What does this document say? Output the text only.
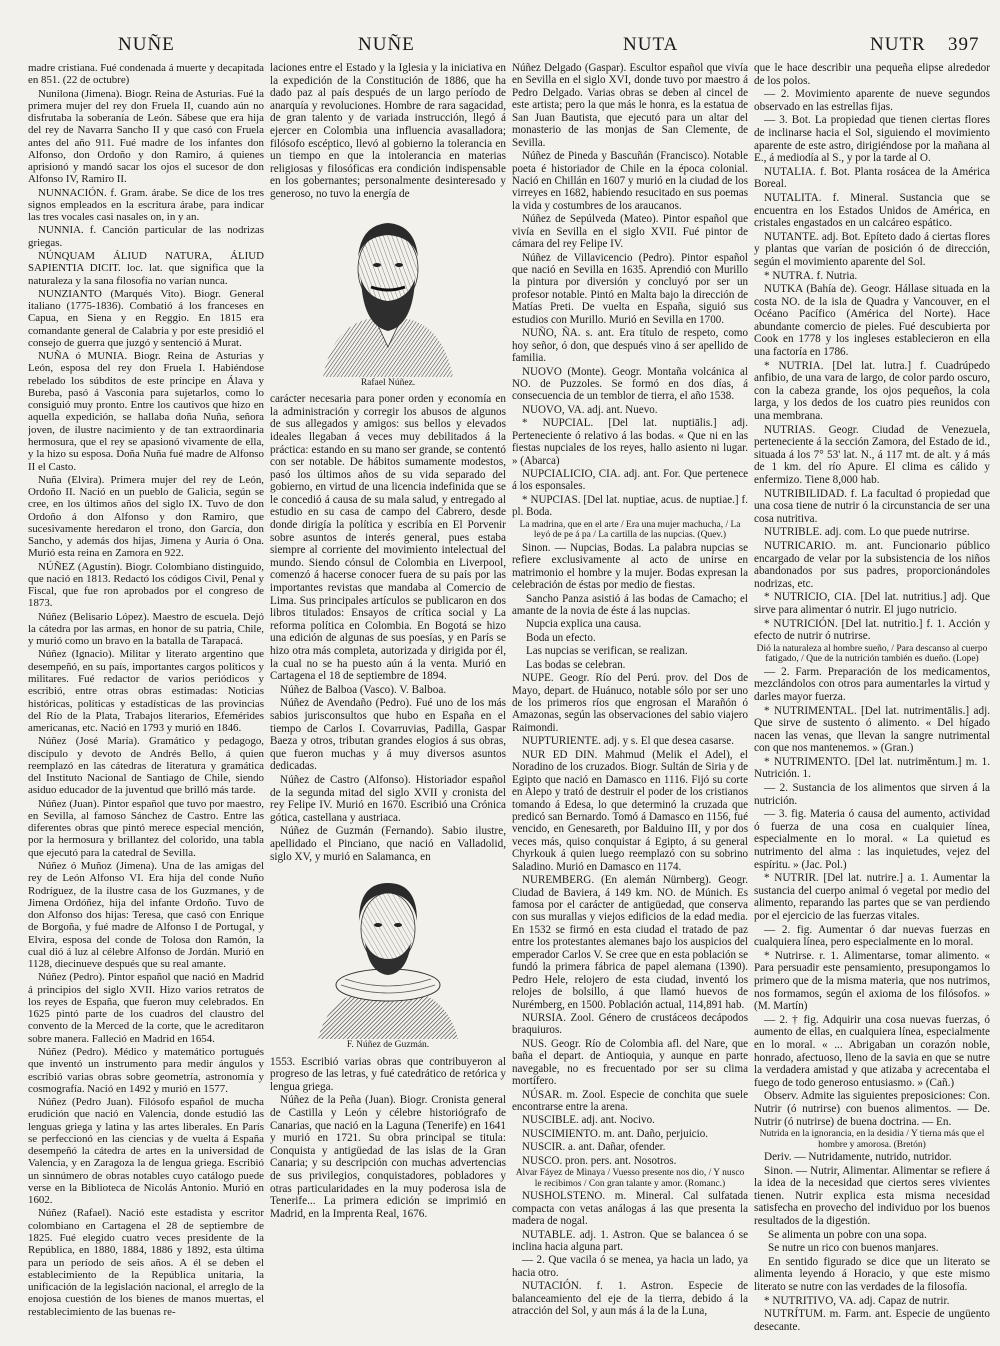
NUÑE	NUÑE	NUTA	NUTR 397

madre cristiana. Fué condenada á muerte y decapitada en 851. (22 de octubre)

Nunilona (Jimena). Biogr. Reina de Asturias. Fué la primera mujer del rey don Fruela II, cuando aún no disfrutaba la soberanía de León. Sábese que era hija del rey de Navarra Sancho II y que casó con Fruela antes del año 911. Fué madre de los infantes don Alfonso, don Ordoño y don Ramiro, á quienes aprisionó y mandó sacar los ojos el sucesor de don Alfonso IV, Ramiro II.

NUNNACIÓN. f. Gram. árabe. Se dice de los tres signos empleados en la escritura árabe, para indicar las tres vocales casi nasales on, in y an.

NUNNIA. f. Canción particular de las nodrizas griegas.

NÚNQUAM ÁLIUD NATURA, ÁLIUD SAPIENTIA DICIT. loc. lat. que significa que la naturaleza y la sana filosofía no varían nunca.

NUNZIANTO (Marqués Vito). Biogr. General italiano (1775-1836). Combatió á los franceses en Capua, en Siena y en Reggio. En 1815 era comandante general de Calabria y por este presidió el consejo de guerra que juzgó y sentenció á Murat.

NUÑA ó MUNIA. Biogr. Reina de Asturias y León, esposa del rey don Fruela I. Habiéndose rebelado los súbditos de este príncipe en Álava y Bureba, pasó á Vasconia para sujetarlos, como lo consiguió muy pronto. Entre los cautivos que hizo en aquella expedición, se hallaba doña Nuña, señora joven, de ilustre nacimiento y de tan extraordinaria hermosura, que el rey se apasionó vivamente de ella, y la hizo su esposa. Doña Nuña fué madre de Alfonso II el Casto.

Nuña (Elvira). Primera mujer del rey de León, Ordoño II. Nació en un pueblo de Galicia, según se cree, en los últimos años del siglo IX. Tuvo de don Ordoño á don Alfonso y don Ramiro, que sucesivamente heredaron el trono, don García, don Sancho, y además dos hijas, Jimena y Auria ó Ona. Murió esta reina en Zamora en 922.

NÚÑEZ (Agustín). Biogr. Colombiano distinguido, que nació en 1813. Redactó los códigos Civil, Penal y Fiscal, que fue ron aprobados por el congreso de 1873.

Núñez (Belisario López). Maestro de escuela. Dejó la cátedra por las armas, en honor de su patria, Chile, y murió como un bravo en la batalla de Tarapacá.

Núñez (Ignacio). Militar y literato argentino que desempeñó, en su país, importantes cargos políticos y militares. Fué redactor de varios periódicos y escribió, entre otras obras estimadas: Noticias históricas, políticas y estadísticas de las provincias del Río de la Plata, Trabajos literarios, Efemérides americanas, etc. Nació en 1793 y murió en 1846.

Núñez (José María). Gramático y pedagogo, discípulo y devoto de Andrés Bello, á quien reemplazó en las cátedras de literatura y gramática del Instituto Nacional de Santiago de Chile, siendo asiduo educador de la juventud que brilló más tarde.

Núñez (Juan). Pintor español que tuvo por maestro, en Sevilla, al famoso Sánchez de Castro. Entre las diferentes obras que pintó merece especial mención, por la hermosura y brillantez del colorido, una tabla que ejecutó para la catedral de Sevilla.

Núñez ó Muñoz (Jimena). Una de las amigas del rey de León Alfonso VI. Era hija del conde Nuño Rodríguez, de la ilustre casa de los Guzmanes, y de Jimena Ordóñez, hija del infante Ordoño. Tuvo de don Alfonso dos hijas: Teresa, que casó con Enrique de Borgoña, y fué madre de Alfonso I de Portugal, y Elvira, esposa del conde de Tolosa don Ramón, la cual dió á luz al célebre Alfonso de Jordán. Murió en 1128, diecinueve después que su real amante.

Núñez (Pedro). Pintor español que nació en Madrid á principios del siglo XVII. Hizo varios retratos de los reyes de España, que fueron muy celebrados. En 1625 pintó parte de los cuadros del claustro del convento de la Merced de la corte, que le acreditaron sobre manera. Falleció en Madrid en 1654.

Núñez (Pedro). Médico y matemático portugués que inventó un instrumento para medir ángulos y escribió varias obras sobre geometría, astronomía y cosmografía. Nació en 1492 y murió en 1577.

Núñez (Pedro Juan). Filósofo español de mucha erudición que nació en Valencia, donde estudió las lenguas griega y latina y las artes liberales. En París se perfeccionó en las ciencias y de vuelta á España desempeñó la cátedra de artes en la universidad de Valencia, y en Zaragoza la de lengua griega. Escribió un sinnúmero de obras notables cuyo catálogo puede verse en la Biblioteca de Nicolás Antonio. Murió en 1602.

Núñez (Rafael). Nació este estadista y escritor colombiano en Cartagena el 28 de septiembre de 1825. Fué elegido cuatro veces presidente de la República, en 1880, 1884, 1886 y 1892, esta última para un período de seis años. A él se deben el establecimiento de la República unitaria, la unificación de la legislación nacional, el arreglo de la enojosa cuestión de los bienes de manos muertas, el restablecimiento de las buenas re-

laciones entre el Estado y la Iglesia y la iniciativa en la expedición de la Constitución de 1886, que ha dado paz al país después de un largo período de anarquía y revoluciones. Hombre de rara sagacidad, de gran talento y de variada instrucción, llegó á ejercer en Colombia una influencia avasalladora; filósofo escéptico, llevó al gobierno la tolerancia en un tiempo en que la intolerancia en materias religiosas y filosóficas era condición indispensable en los gobernantes; personalmente desinteresado y generoso, no tuvo la energía de

Rafael Núñez.

carácter necesaria para poner orden y economía en la administración y corregir los abusos de algunos de sus allegados y amigos: sus bellos y elevados ideales llegaban á veces muy debilitados á la práctica: estando en su mano ser grande, se contentó con ser notable. De hábitos sumamente modestos, pasó los últimos años de su vida separado del gobierno, en virtud de una licencia indefinida que se le concedió á causa de su mala salud, y entregado al estudio en su casa de campo del Cabrero, desde donde dirigía la política y escribía en El Porvenir sobre asuntos de interés general, pues estaba siempre al corriente del movimiento intelectual del mundo. Siendo cónsul de Colombia en Liverpool, comenzó á hacerse conocer fuera de su país por las importantes revistas que mandaba al Comercio de Lima. Sus principales artículos se publicaron en dos libros titulados: Ensayos de crítica social y La reforma política en Colombia. En Bogotá se hizo una edición de algunas de sus poesías, y en París se hizo otra más completa, autorizada y dirigida por él, la cual no se ha puesto aún á la venta. Murió en Cartagena el 18 de septiembre de 1894.

Núñez de Balboa (Vasco). V. Balboa.

Núñez de Avendaño (Pedro). Fué uno de los más sabios jurisconsultos que hubo en España en el tiempo de Carlos I. Covarruvias, Padilla, Gaspar Baeza y otros, tributan grandes elogios á sus obras, que fueron muchas y á muy diversos asuntos dedicadas.

Núñez de Castro (Alfonso). Historiador español de la segunda mitad del siglo XVII y cronista del rey Felipe IV. Murió en 1670. Escribió una Crónica gótica, castellana y austriaca.

Núñez de Guzmán (Fernando). Sabio ilustre, apellidado el Pinciano, que nació en Valladolid, siglo XV, y murió en Salamanca, en

F. Núñez de Guzmán.

1553. Escribió varias obras que contribuyeron al progreso de las letras, y fué catedrático de retórica y lengua griega.

Núñez de la Peña (Juan). Biogr. Cronista general de Castilla y León y célebre historiógrafo de Canarias, que nació en la Laguna (Tenerife) en 1641 y murió en 1721. Su obra principal se titula: Conquista y antigüedad de las islas de la Gran Canaria; y su descripción con muchas advertencias de sus privilegios, conquistadores, pobladores y otras particularidades en la muy poderosa isla de Tenerife... La primera edición se imprimió en Madrid, en la Imprenta Real, 1676.

Núñez Delgado (Gaspar). Escultor español que vivía en Sevilla en el siglo XVI, donde tuvo por maestro á Pedro Delgado. Varias obras se deben al cincel de este artista; pero la que más le honra, es la estatua de San Juan Bautista, que ejecutó para un altar del monasterio de las monjas de San Clemente, de Sevilla.

Núñez de Pineda y Bascuñán (Francisco). Notable poeta é historiador de Chile en la época colonial. Nació en Chillán en 1607 y murió en la ciudad de los virreyes en 1682, habiendo resucitado en sus poemas la vida y costumbres de los araucanos.

Núñez de Sepúlveda (Mateo). Pintor español que vivía en Sevilla en el siglo XVII. Fué pintor de cámara del rey Felipe IV.

Núñez de Villavicencio (Pedro). Pintor español que nació en Sevilla en 1635. Aprendió con Murillo la pintura por diversión y concluyó por ser un profesor notable. Pintó en Malta bajo la dirección de Matías Preti. De vuelta en España, siguió sus estudios con Murillo. Murió en Sevilla en 1700.

NUÑO, ÑA. s. ant. Era título de respeto, como hoy señor, ó don, que después vino á ser apellido de familia.

NUOVO (Monte). Geogr. Montaña volcánica al NO. de Puzzoles. Se formó en dos días, á consecuencia de un temblor de tierra, el año 1538.

NUOVO, VA. adj. ant. Nuevo.

* NUPCIAL. [Del lat. nuptiālis.] adj. Perteneciente ó relativo á las bodas. « Que ni en las fiestas nupciales de los reyes, hallo asiento ni lugar. » (Abarca)

NUPCIALICIO, CIA. adj. ant. For. Que pertenece á los esponsales.

* NUPCIAS. [Del lat. nuptiae, acus. de nuptiae.] f. pl. Boda.

La madrina, que en el arte / Era una mujer machucha, / La leyó de pe á pa / La cartilla de las nupcias. (Quev.)

Sinon. — Nupcias, Bodas. La palabra nupcias se refiere exclusivamente al acto de unirse en matrimonio el hombre y la mujer. Bodas expresan la celebración de éstas por medio de fiestas.

Sancho Panza asistió á las bodas de Camacho; el amante de la novia de éste á las nupcias.

Nupcia explica una causa.

Boda un efecto.

Las nupcias se verifican, se realizan.

Las bodas se celebran.

NUPE. Geogr. Río del Perú. prov. del Dos de Mayo, depart. de Huánuco, notable sólo por ser uno de los primeros ríos que engrosan el Marañón ó Amazonas, según las observaciones del sabio viajero Raimondi.

NUPTURIENTE. adj. y s. El que desea casarse.

NUR ED DIN. Mahmud (Melik el Adel), el Noradino de los cruzados. Biogr. Sultán de Siria y de Egipto que nació en Damasco en 1116. Fijó su corte en Alepo y trató de destruir el poder de los cristianos tomando á Edesa, lo que determinó la cruzada que predicó san Bernardo. Tomó á Damasco en 1156, fué vencido, en Genesareth, por Balduino III, y por dos veces más, quiso conquistar á Egipto, á su general Chyrkouk á quien luego reemplazó con su sobrino Saladino. Murió en Damasco en 1174.

NUREMBERG. (En alemán Nürnberg). Geogr. Ciudad de Baviera, á 149 km. NO. de Múnich. Es famosa por el carácter de antigüedad, que conserva con sus murallas y viejos edificios de la edad media. En 1532 se firmó en esta ciudad el tratado de paz entre los protestantes alemanes bajo los auspicios del emperador Carlos V. Se cree que en esta población se fundó la primera fábrica de papel alemana (1390). Pedro Hele, relojero de esta ciudad, inventó los relojes de bolsillo, á que llamó huevos de Nurémberg, en 1500. Población actual, 114,891 hab.

NURSIA. Zool. Género de crustáceos decápodos braquiuros.

NUS. Geogr. Río de Colombia afl. del Nare, que baña el depart. de Antioquia, y aunque en parte navegable, no es frecuentado por ser su clima mortífero.

NÚSAR. m. Zool. Especie de conchita que suele encontrarse entre la arena.

NUSCIBLE. adj. ant. Nocivo.

NUSCIMIENTO. m. ant. Daño, perjuicio.

NUSCIR. a. ant. Dañar, ofender.

NUSCO. pron. pers. ant. Nosotros.

Alvar Fáyez de Minaya / Vuesso presente nos dio, / Y nusco le recibimos / Con gran talante y amor. (Romanc.)

NUSHOLSTENO. m. Mineral. Cal sulfatada compacta con vetas análogas á las que presenta la madera de nogal.

NUTABLE. adj. 1. Astron. Que se balancea ó se inclina hacia alguna part.

— 2. Que vacila ó se menea, ya hacia un lado, ya hacia otro.

NUTACIÓN. f. 1. Astron. Especie de balanceamiento del eje de la tierra, debido á la atracción del Sol, y aun más á la de la Luna,

que le hace describir una pequeña elipse alrededor de los polos.

— 2. Movimiento aparente de nueve segundos observado en las estrellas fijas.

— 3. Bot. La propiedad que tienen ciertas flores de inclinarse hacia el Sol, siguiendo el movimiento aparente de este astro, dirigiéndose por la mañana al E., á mediodía al S., y por la tarde al O.

NUTALIA. f. Bot. Planta rosácea de la América Boreal.

NUTALITA. f. Mineral. Sustancia que se encuentra en los Estados Unidos de América, en cristales engastados en un calcáreo espático.

NUTANTE. adj. Bot. Epíteto dado á ciertas flores y plantas que varían de posición ó de dirección, según el movimiento aparente del Sol.

* NUTRA. f. Nutria.

NUTKA (Bahía de). Geogr. Hállase situada en la costa NO. de la isla de Quadra y Vancouver, en el Océano Pacífico (América del Norte). Hace abundante comercio de pieles. Fué descubierta por Cook en 1778 y los ingleses establecieron en ella una factoría en 1786.

* NUTRIA. [Del lat. lutra.] f. Cuadrúpedo anfibio, de una vara de largo, de color pardo oscuro, con la cabeza grande, los ojos pequeños, la cola larga, y los dedos de los cuatro pies reunidos con una membrana.

NUTRIAS. Geogr. Ciudad de Venezuela, perteneciente á la sección Zamora, del Estado de id., situada á los 7° 53' lat. N., á 117 mt. de alt. y á más de 1 km. del río Apure. El clima es cálido y enfermizo. Tiene 8,000 hab.

NUTRIBILIDAD. f. La facultad ó propiedad que una cosa tiene de nutrir ó la circunstancia de ser una cosa nutritiva.

NUTRIBLE. adj. com. Lo que puede nutrirse.

NUTRICARIO. m. ant. Funcionario público encargado de velar por la subsistencia de los niños abandonados por sus padres, proporcionándoles nodrizas, etc.

* NUTRICIO, CIA. [Del lat. nutritius.] adj. Que sirve para alimentar ó nutrir. El jugo nutricio.

* NUTRICIÓN. [Del lat. nutritio.] f. 1. Acción y efecto de nutrir ó nutrirse.

Dió la naturaleza al hombre sueño, / Para descanso al cuerpo fatigado, / Que de la nutrición también es dueño. (Lope)

— 2. Farm. Preparación de los medicamentos, mezclándolos con otros para aumentarles la virtud y darles mayor fuerza.

* NUTRIMENTAL. [Del lat. nutrimentālis.] adj. Que sirve de sustento ó alimento. « Del hígado nacen las venas, que llevan la sangre nutrimental con que nos mantenemos. » (Gran.)

* NUTRIMENTO. [Del lat. nutrimĕntum.] m. 1. Nutrición. 1.

— 2. Sustancia de los alimentos que sirven á la nutrición.

— 3. fig. Materia ó causa del aumento, actividad ó fuerza de una cosa en cualquier línea, especialmente en lo moral. « La quietud es nutrimento del alma : las inquietudes, vejez del espíritu. » (Jac. Pol.)

* NUTRIR. [Del lat. nutrire.] a. 1. Aumentar la sustancia del cuerpo animal ó vegetal por medio del alimento, reparando las partes que se van perdiendo por el ejercicio de las fuerzas vitales.

— 2. fig. Aumentar ó dar nuevas fuerzas en cualquiera línea, pero especialmente en lo moral.

* Nutrirse. r. 1. Alimentarse, tomar alimento. « Para persuadir este pensamiento, presupongamos lo primero que de la misma materia, que nos nutrimos, nos formamos, según el axioma de los filósofos. » (M. Martín)

— 2. † fig. Adquirir una cosa nuevas fuerzas, ó aumento de ellas, en cualquiera línea, especialmente en lo moral. « ... Abrigaban un corazón noble, honrado, afectuoso, lleno de la savia en que se nutre la verdadera amistad y que atizaba y acrecentaba el fuego de todo generoso entusiasmo. » (Cañ.)

Observ. Admite las siguientes preposiciones: Con. Nutrir (ó nutrirse) con buenos alimentos. — De. Nutrir (ó nutrirse) de buena doctrina. — En.

Nutrida en la ignorancia, en la desidia / Y tierna más que el hombre y amorosa. (Bretón)

Deriv. — Nutridamente, nutrido, nutridor.

Sinon. — Nutrir, Alimentar. Alimentar se refiere á la idea de la necesidad que ciertos seres vivientes tienen. Nutrir explica esta misma necesidad satisfecha en provecho del individuo por los buenos resultados de la digestión.

Se alimenta un pobre con una sopa.

Se nutre un rico con buenos manjares.

En sentido figurado se dice que un literato se alimenta leyendo á Horacio, y que este mismo literato se nutre con las verdades de la filosofía.

* NUTRITIVO, VA. adj. Capaz de nutrir.

NUTRÍTUM. m. Farm. ant. Especie de ungüento desecante.
